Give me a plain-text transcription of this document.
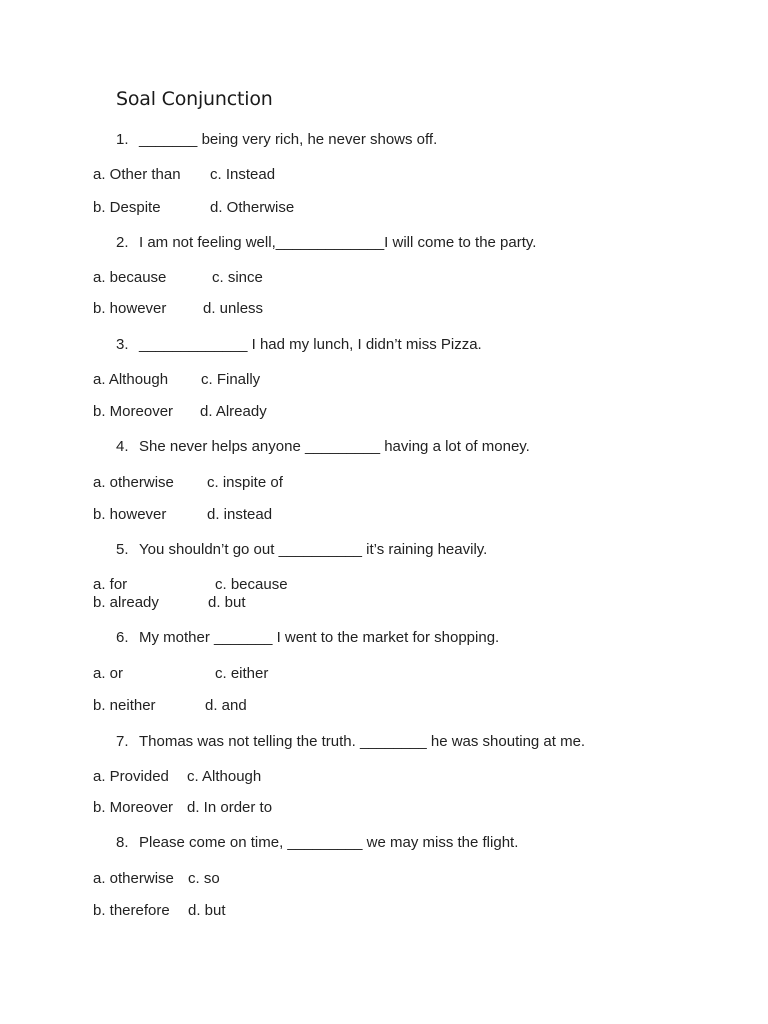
Soal Conjunction
1. _______ being very rich, he never shows off.
a. Other than c. Instead
b. Despite	d. Otherwise
2. I am not feeling well,_____________I will come to the party.
a. because	c. since
b. however d. unless
3. _____________ I had my lunch, I didn’t miss Pizza.
a. Although c. Finally
b. Moreover d. Already
4. She never helps anyone _________ having a lot of money.
a. otherwise c. inspite of
b. however	d. instead
5. You shouldn’t go out __________ it’s raining heavily.
a. for	c. because
b. already	d. but
6. My mother _______ I went to the market for shopping.
a. or	c. either
b. neither	d. and
7. Thomas was not telling the truth. ________ he was shouting at me.
a. Provided c. Although
b. Moreover d. In order to
8. Please come on time, _________ we may miss the flight.
a. otherwise c. so
b. therefore d. but
